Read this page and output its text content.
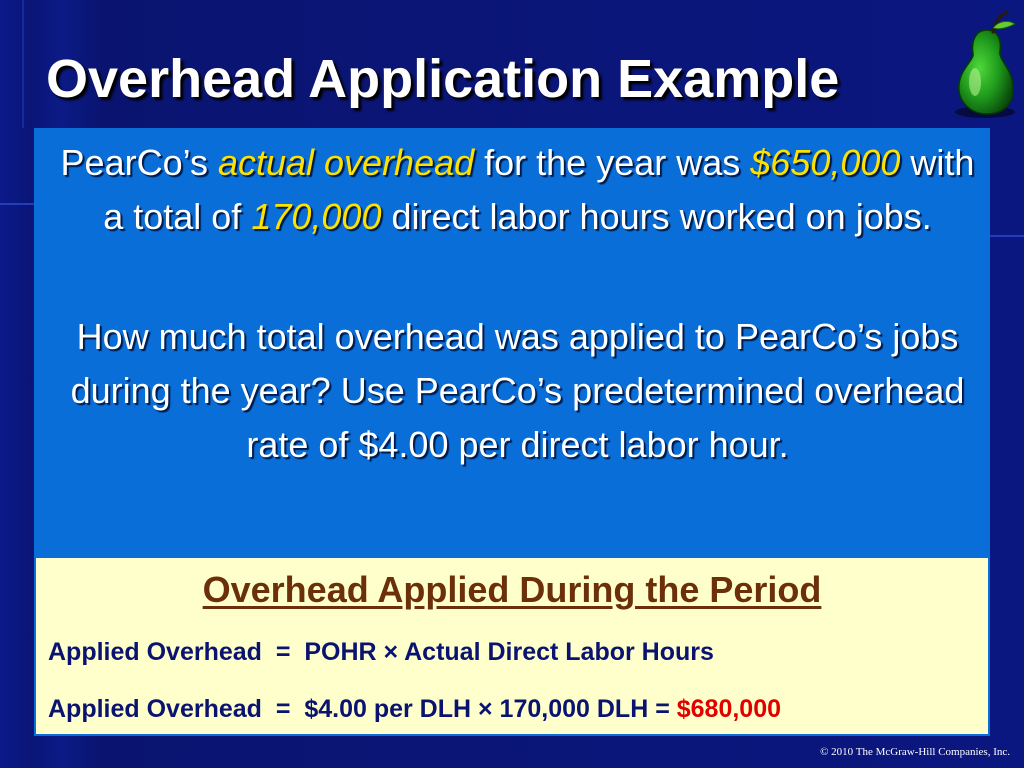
Overhead Application Example
PearCo’s actual overhead for the year was $650,000 with a total of 170,000 direct labor hours worked on jobs.
How much total overhead was applied to PearCo’s jobs during the year? Use PearCo’s predetermined overhead rate of $4.00 per direct labor hour.
Overhead Applied During the Period
Applied Overhead  =  POHR × Actual Direct Labor Hours
Applied Overhead  =  $4.00 per DLH × 170,000 DLH = $680,000
© 2010 The McGraw-Hill Companies, Inc.
